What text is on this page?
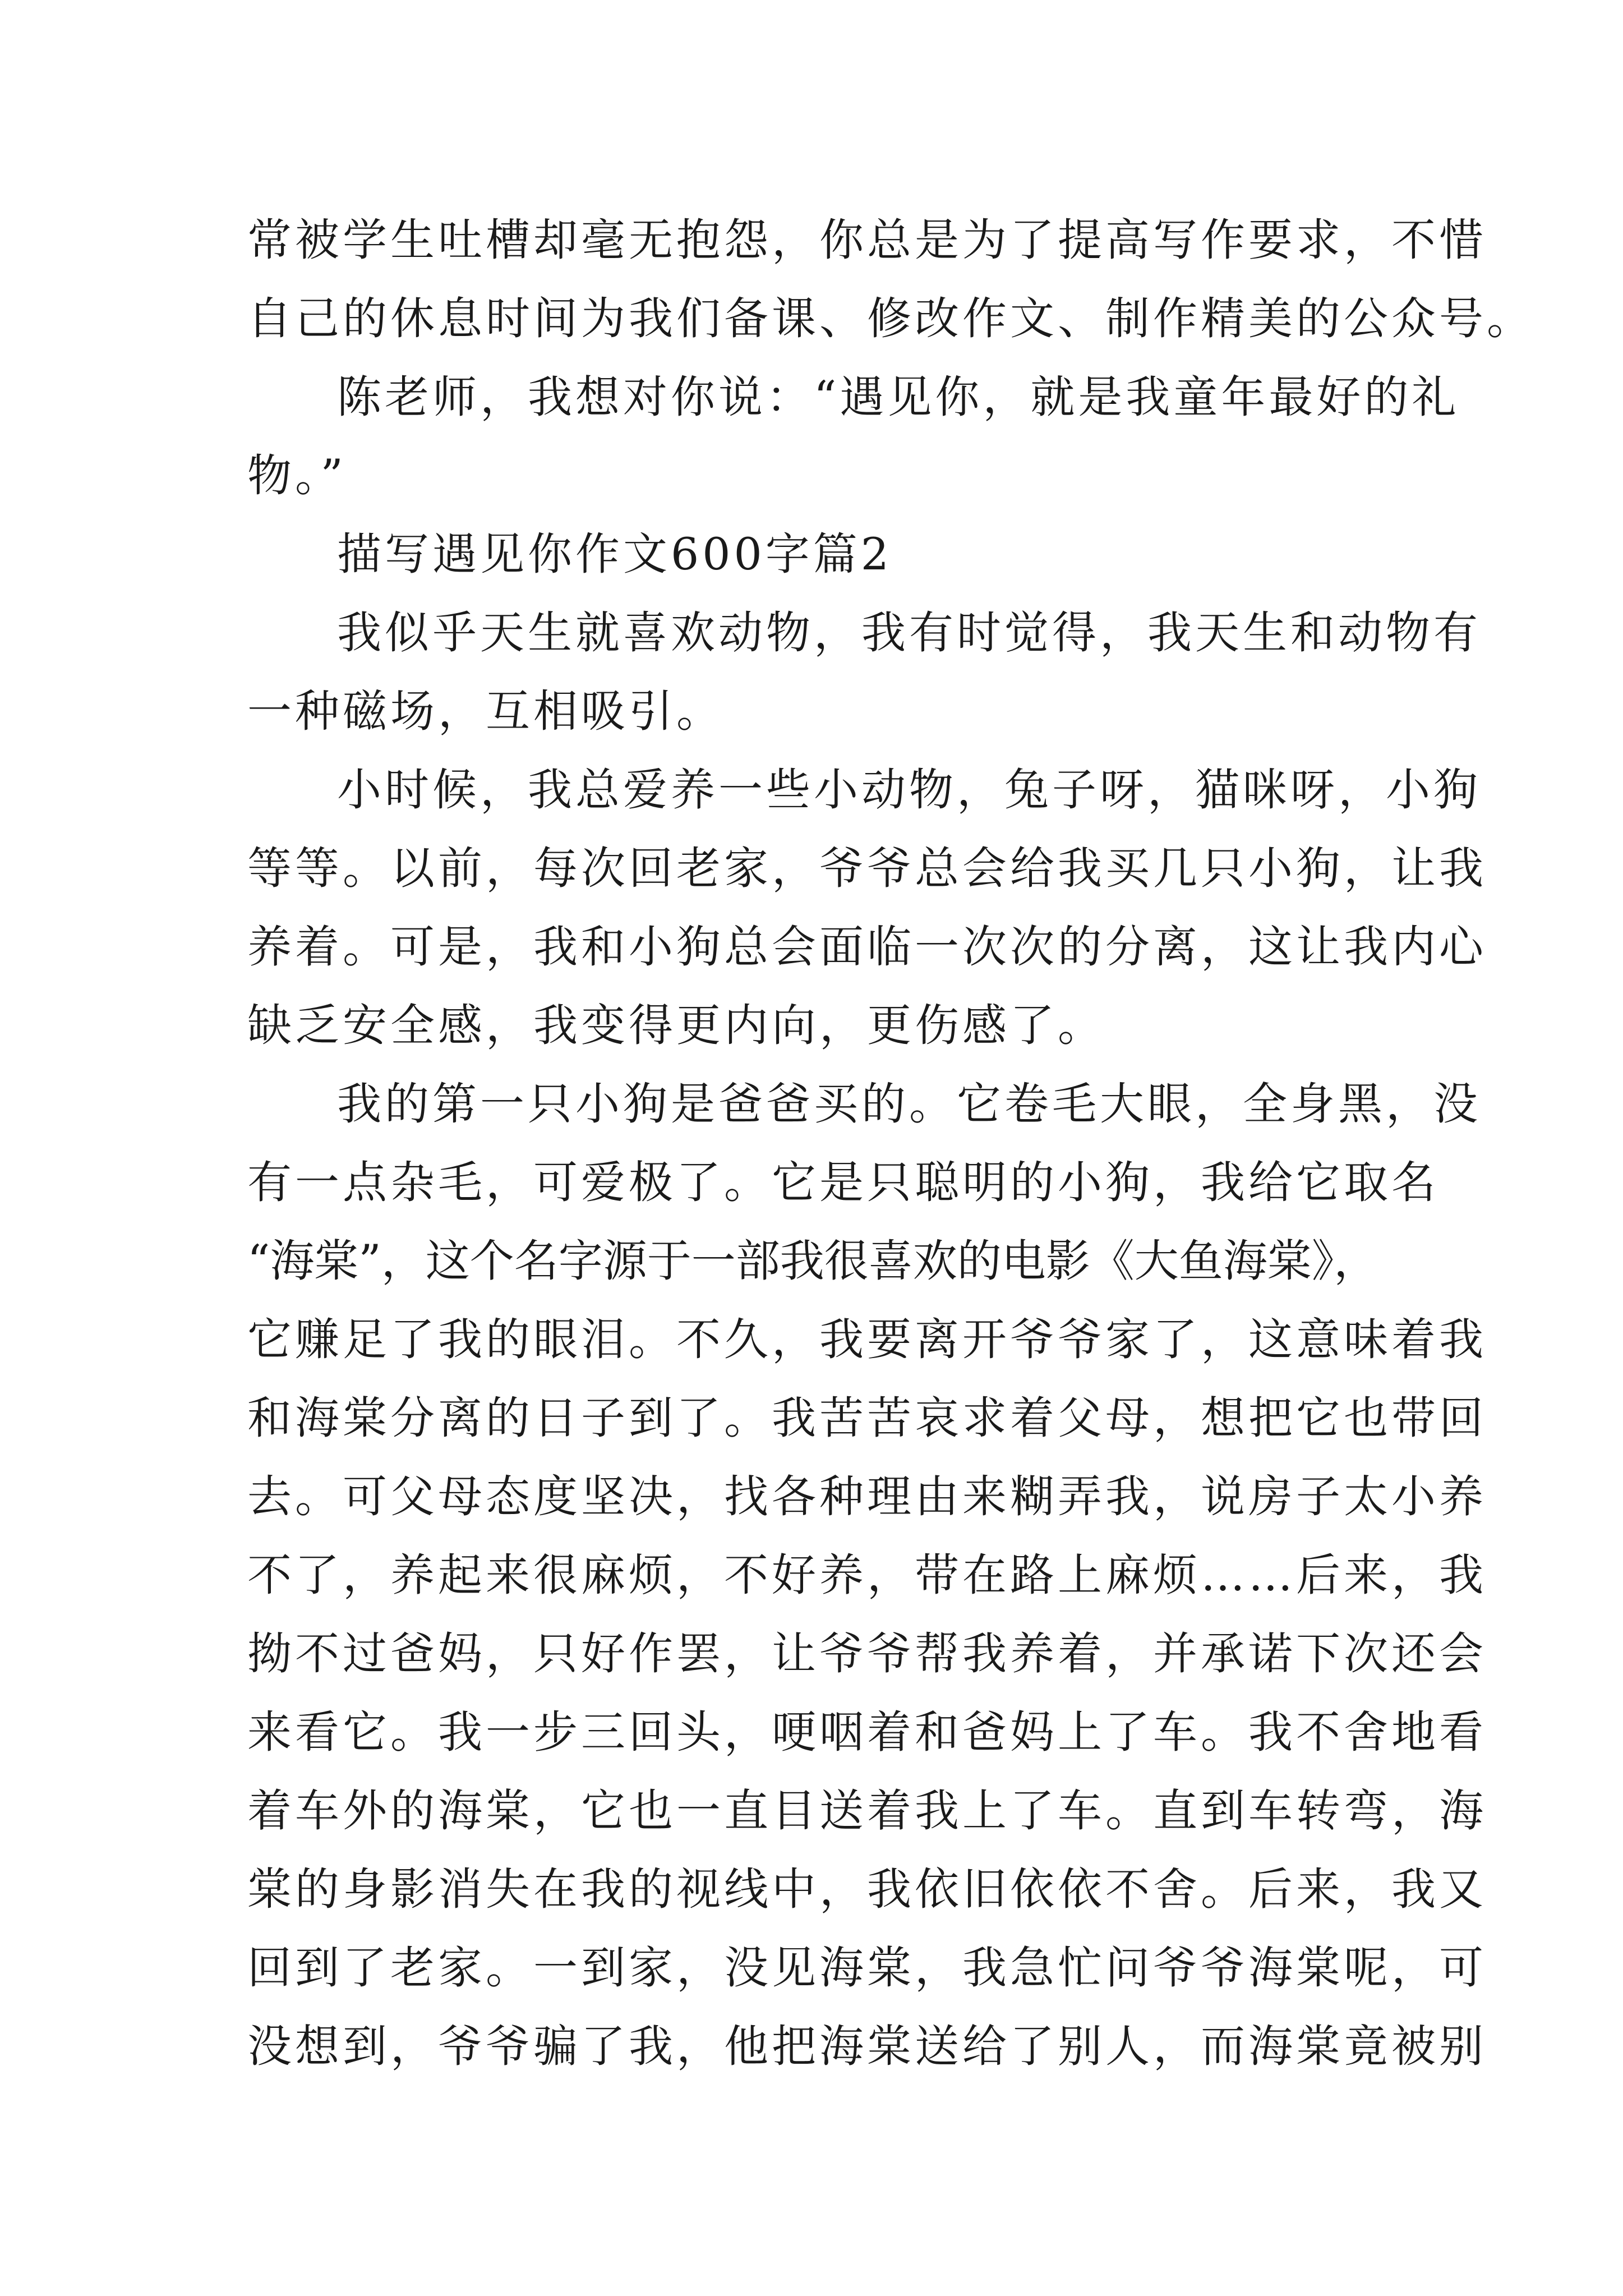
常被学生吐槽却毫无抱怨，你总是为了提高写作要求，不惜
自己的休息时间为我们备课、修改作文、制作精美的公众号。
陈老师，我想对你说：“遇见你，就是我童年最好的礼
物。”
描写遇见你作文600字篇2
我似乎天生就喜欢动物，我有时觉得，我天生和动物有
一种磁场，互相吸引。
小时候，我总爱养一些小动物，兔子呀，猫咪呀，小狗
等等。以前，每次回老家，爷爷总会给我买几只小狗，让我
养着。可是，我和小狗总会面临一次次的分离，这让我内心
缺乏安全感，我变得更内向，更伤感了。
我的第一只小狗是爸爸买的。它卷毛大眼，全身黑，没
有一点杂毛，可爱极了。它是只聪明的小狗，我给它取名
“海棠”，这个名字源于一部我很喜欢的电影《大鱼海棠》，
它赚足了我的眼泪。不久，我要离开爷爷家了，这意味着我
和海棠分离的日子到了。我苦苦哀求着父母，想把它也带回
去。可父母态度坚决，找各种理由来糊弄我，说房子太小养
不了，养起来很麻烦，不好养，带在路上麻烦……后来，我
拗不过爸妈，只好作罢，让爷爷帮我养着，并承诺下次还会
来看它。我一步三回头，哽咽着和爸妈上了车。我不舍地看
着车外的海棠，它也一直目送着我上了车。直到车转弯，海
棠的身影消失在我的视线中，我依旧依依不舍。后来，我又
回到了老家。一到家，没见海棠，我急忙问爷爷海棠呢，可
没想到，爷爷骗了我，他把海棠送给了别人，而海棠竟被别
